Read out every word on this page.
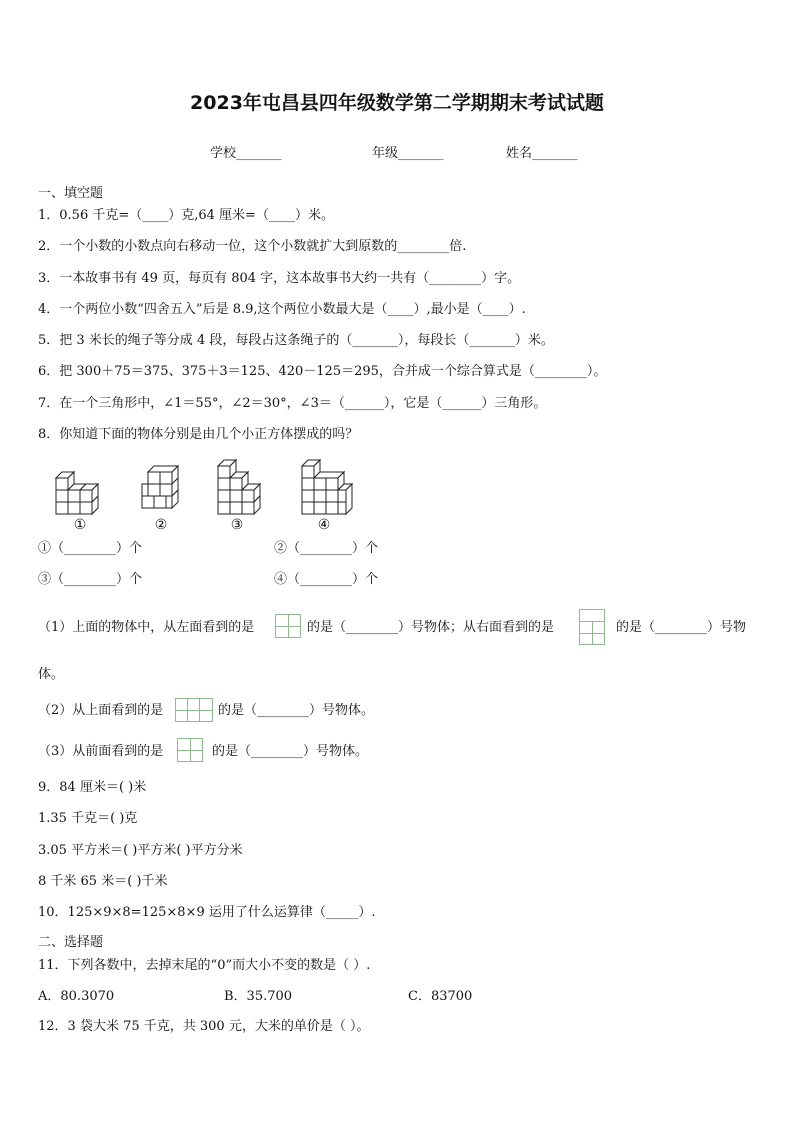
2023年屯昌县四年级数学第二学期期末考试试题
学校_______	年级_______	姓名_______
一、填空题
1．0.56 千克=（____）克,64 厘米=（____）米。
2．一个小数的小数点向右移动一位，这个小数就扩大到原数的________倍.
3．一本故事书有 49 页，每页有 804 字，这本故事书大约一共有（________）字。
4．一个两位小数“四舍五入”后是 8.9,这个两位小数最大是（____）,最小是（____）.
5．把 3 米长的绳子等分成 4 段，每段占这条绳子的（_______），每段长（_______）米。
6．把 300＋75＝375、375＋3＝125、420－125＝295，合并成一个综合算式是（________）。
7．在一个三角形中，∠1＝55°，∠2＝30°，∠3＝（______），它是（______）三角形。
8．你知道下面的物体分别是由几个小正方体摆成的吗？
①	②	③	④
①（________）个	②（________）个
③（________）个	④（________）个
（1）上面的物体中，从左面看到的是	的是（________）号物体；从右面看到的是	的是（________）号物
体。
（2）从上面看到的是	的是（________）号物体。
（3）从前面看到的是	的是（________）号物体。
9．84 厘米＝( )米
1.35 千克＝( )克
3.05 平方米＝( )平方米( )平方分米
8 千米 65 米＝( )千米
10．125×9×8=125×8×9 运用了什么运算律（_____）.
二、选择题
11．下列各数中，去掉末尾的“0”而大小不变的数是（ ）.
A．80.3070	B．35.700	C．83700
12．3 袋大米 75 千克，共 300 元，大米的单价是（ ）。
